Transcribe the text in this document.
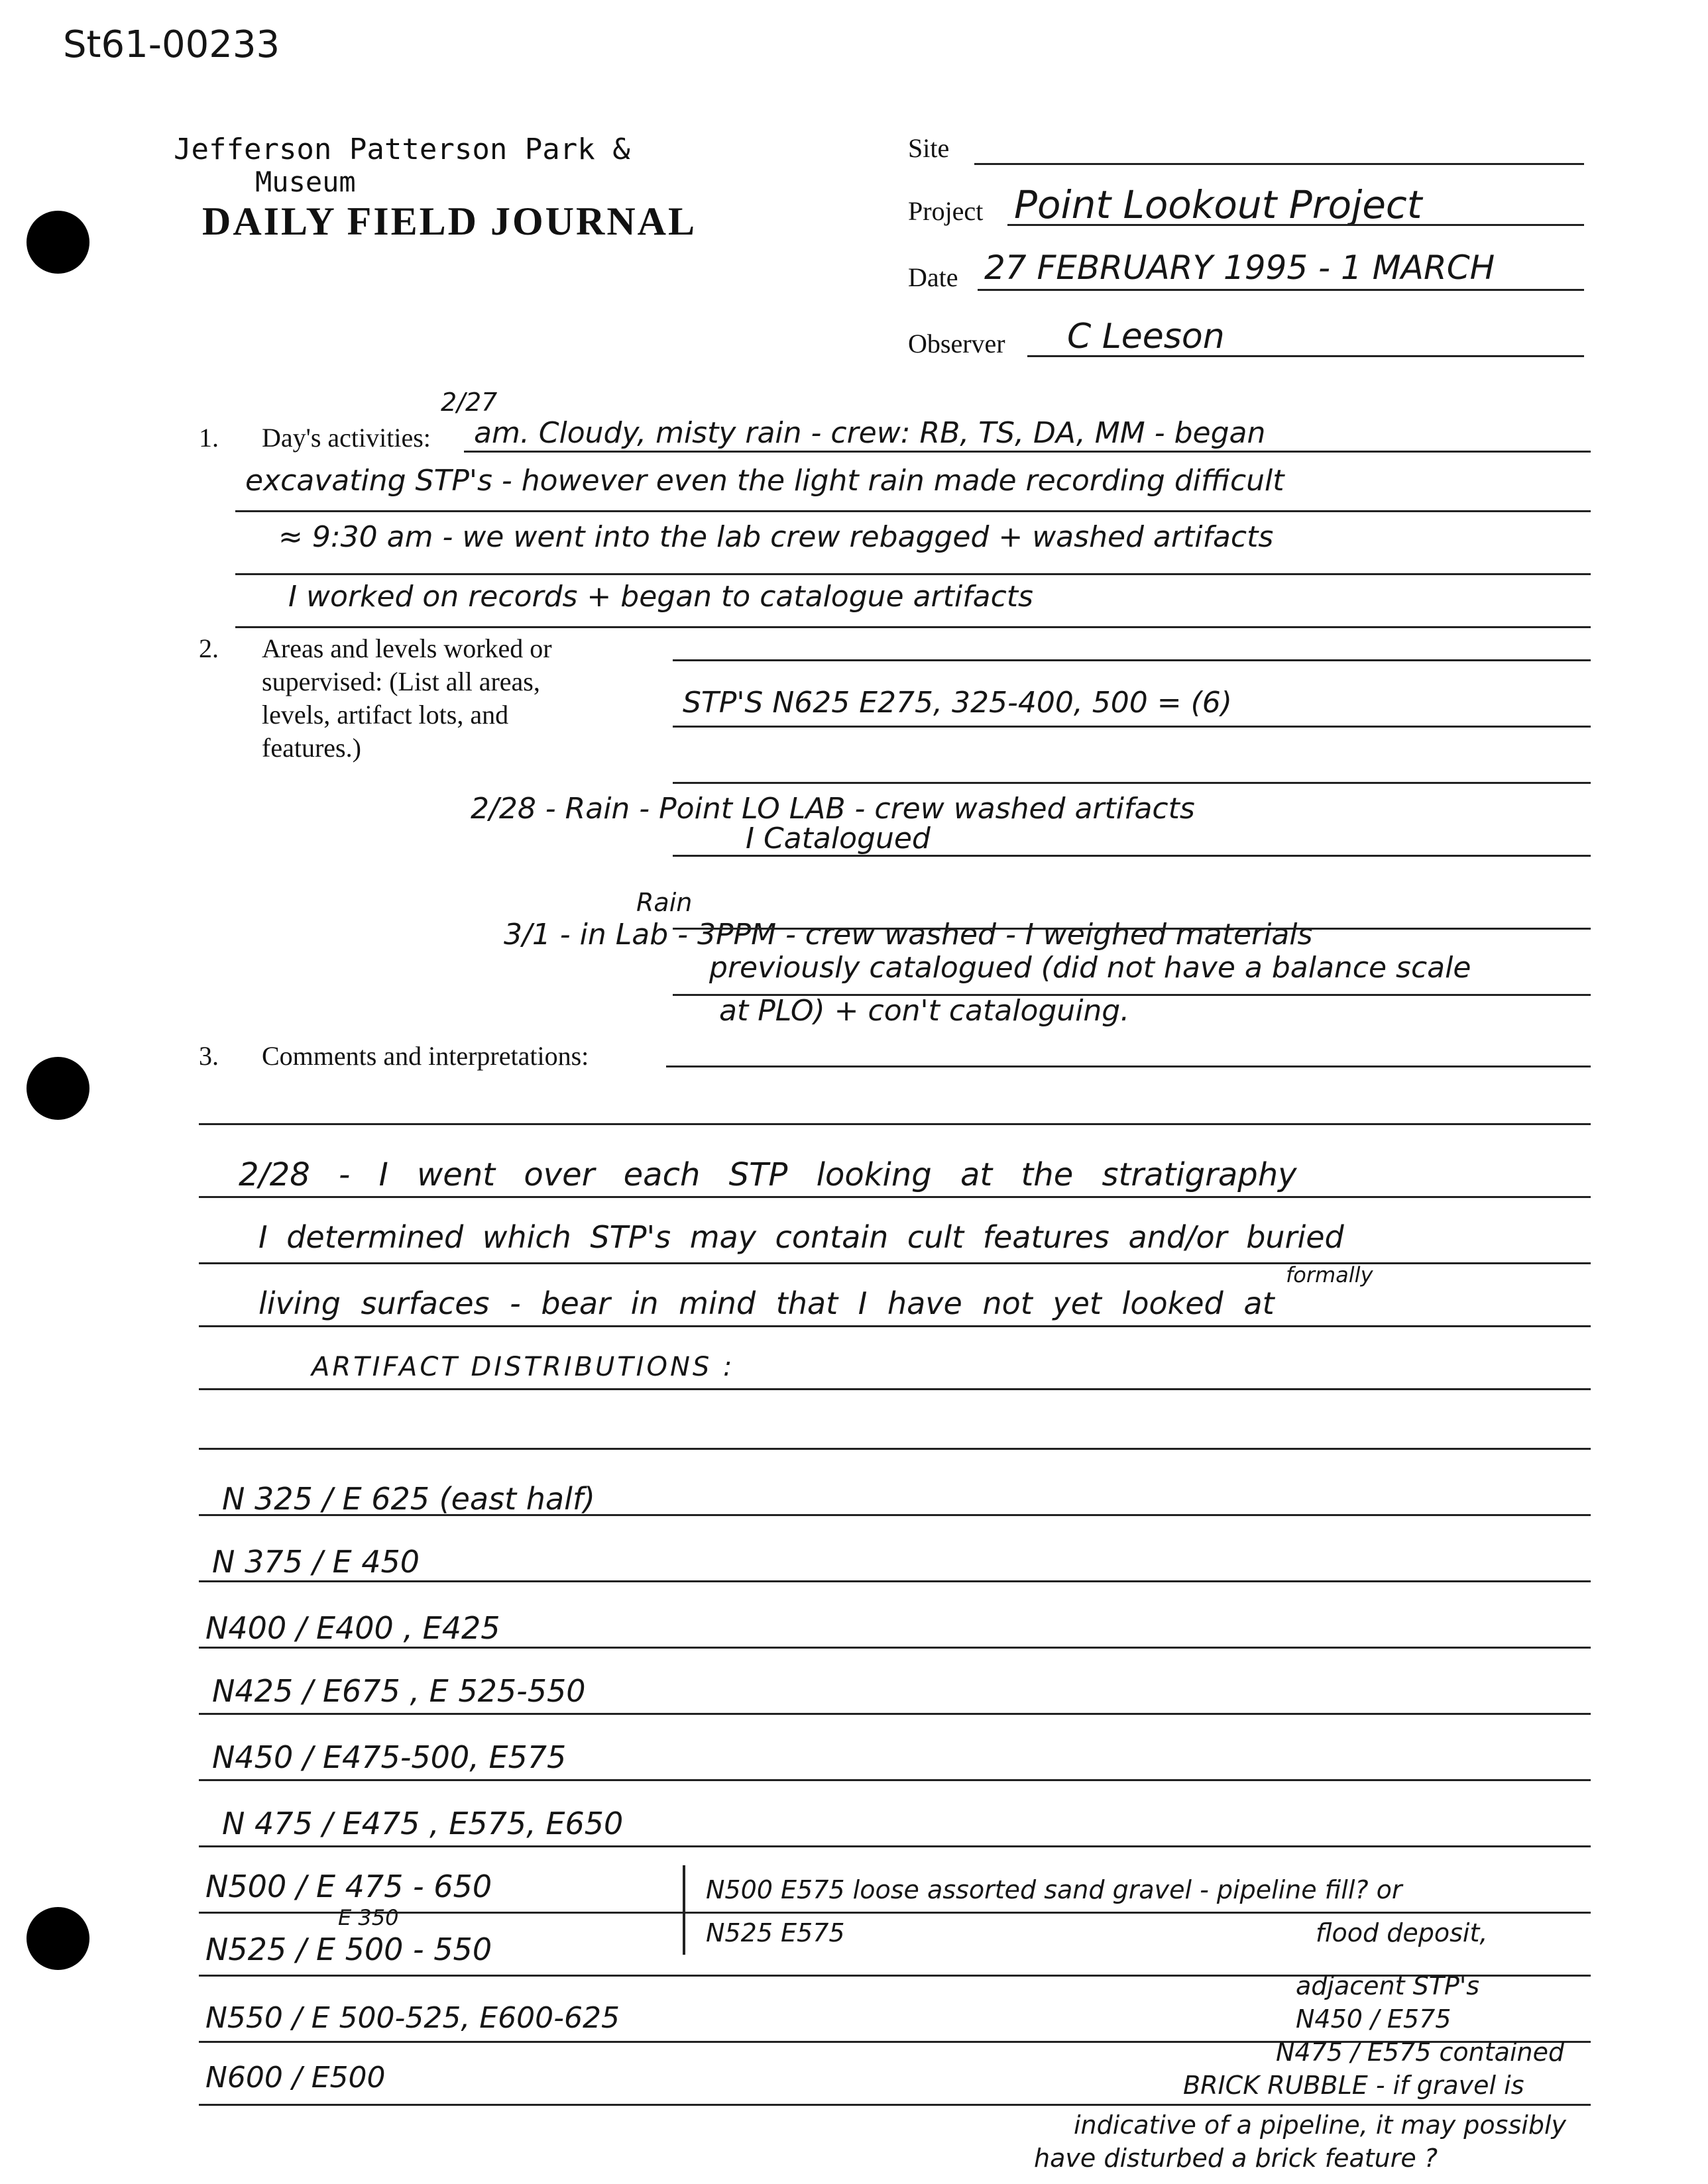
St61-00233
Jefferson Patterson Park &
Museum
DAILY FIELD JOURNAL
Site
Project Point Lookout Project
Date 27 FEBRUARY 1995 - 1 MARCH
Observer C Leeson
1. Day's activities:
2/27
am. Cloudy, misty rain - crew: RB, TS, DA, MM - began
excavating STP's - however even the light rain made recording difficult
≈ 9:30 am - we went into the lab crew rebagged + washed artifacts
I worked on records + began to catalogue artifacts
2. Areas and levels worked or
supervised: (List all areas,
levels, artifact lots, and
features.)
STP'S N625 E275, 325-400, 500 = (6)
2/28 - Rain - Point LO LAB - crew washed artifacts
I Catalogued
Rain
3/1 - in Lab - 3PPM - crew washed - I weighed materials
previously catalogued (did not have a balance scale
at PLO) + con't cataloguing.
3. Comments and interpretations:
2/28 - I went over each STP looking at the stratigraphy
I determined which STP's may contain cult features and/or buried
formally
living surfaces - bear in mind that I have not yet looked at
ARTIFACT DISTRIBUTIONS :
N 325 / E 625 (east half)
N 375 / E 450
N400 / E400 , E425
N425 / E675 , E 525-550
N450 / E475-500, E575
N 475 / E475 , E575, E650
N500 / E 475 - 650
E 350
N525 / E 500 - 550
N550 / E 500-525, E600-625
N600 / E500
N500 E575 loose assorted sand gravel - pipeline fill? or
N525 E575	flood deposit,
adjacent STP's
N450 / E575
N475 / E575 contained
BRICK RUBBLE - if gravel is
indicative of a pipeline, it may possibly
have disturbed a brick feature ?
